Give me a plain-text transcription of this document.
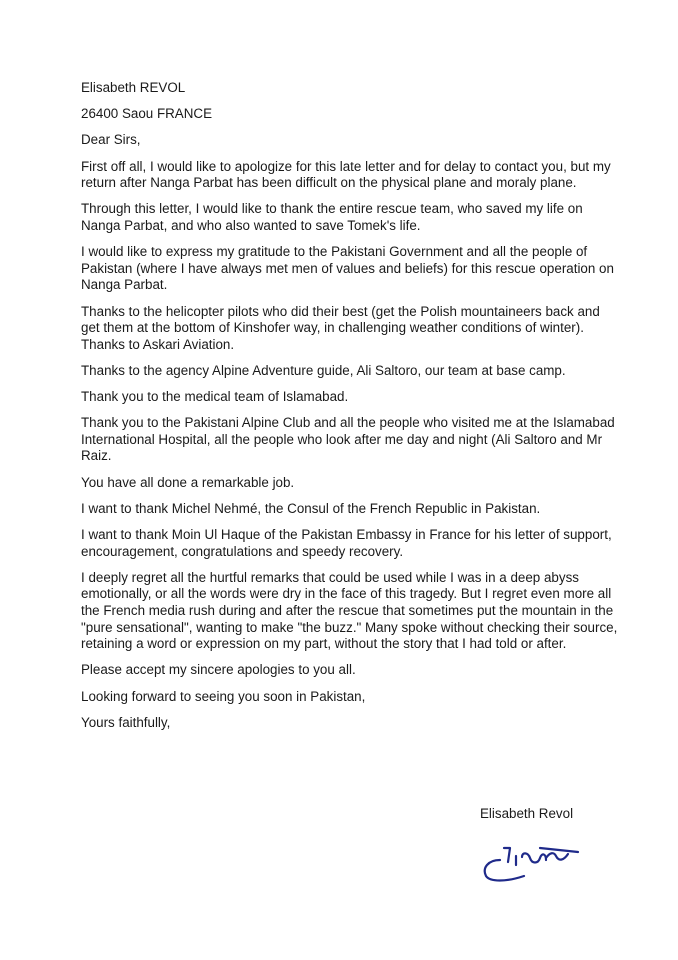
Elisabeth REVOL

26400 Saou FRANCE

Dear Sirs,

First off all, I would like to apologize for this late letter and for delay to contact you, but my return after Nanga Parbat has been difficult on the physical plane and moraly plane.

Through this letter, I would like to thank the entire rescue team, who saved my life on Nanga Parbat, and who also wanted to save Tomek's life.

I would like to express my gratitude to the Pakistani Government and all the people of Pakistan (where I have always met men of values and beliefs) for this rescue operation on Nanga Parbat.

Thanks to the helicopter pilots who did their best (get the Polish mountaineers back and get them at the bottom of Kinshofer way, in challenging weather conditions of winter). Thanks to Askari Aviation.

Thanks to the agency Alpine Adventure guide, Ali Saltoro, our team at base camp.

Thank you to the medical team of Islamabad.

Thank you to the Pakistani Alpine Club and all the people who visited me at the Islamabad International Hospital, all the people who look after me day and night (Ali Saltoro and Mr Raiz.

You have all done a remarkable job.

I want to thank Michel Nehmé, the Consul of the French Republic in Pakistan.

I want to thank Moin Ul Haque of the Pakistan Embassy in France for his letter of support, encouragement, congratulations and speedy recovery.

I deeply regret all the hurtful remarks that could be used while I was in a deep abyss emotionally, or all the words were dry in the face of this tragedy. But I regret even more all the French media rush during and after the rescue that sometimes put the mountain in the "pure sensational", wanting to make "the buzz." Many spoke without checking their source, retaining a word or expression on my part, without the story that I had told or after.

Please accept my sincere apologies to you all.

Looking forward to seeing you soon in Pakistan,

Yours faithfully,

Elisabeth Revol
